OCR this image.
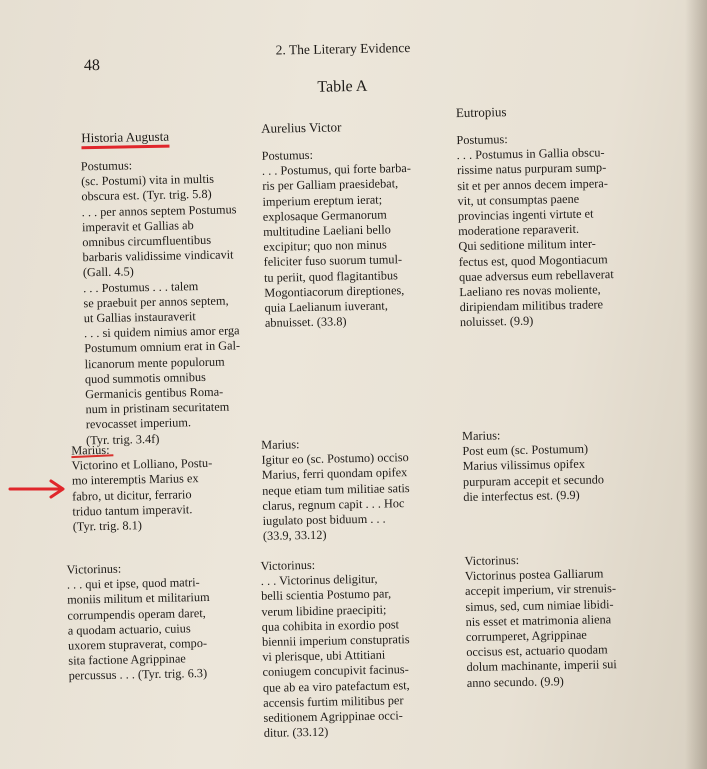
48
2. The Literary Evidence
Table A
Historia Augusta
Aurelius Victor
Eutropius
Postumus:
(sc. Postumi) vita in multis
obscura est. (Tyr. trig. 5.8)
. . . per annos septem Postumus
imperavit et Gallias ab
omnibus circumfluentibus
barbaris validissime vindicavit
(Gall. 4.5)
. . . Postumus . . . talem
se praebuit per annos septem,
ut Gallias instauraverit
. . . si quidem nimius amor erga
Postumum omnium erat in Gal-
licanorum mente populorum
quod summotis omnibus
Germanicis gentibus Roma-
num in pristinam securitatem
revocasset imperium.
(Tyr. trig. 3.4f)
Postumus:
. . . Postumus, qui forte barba-
ris per Galliam praesidebat,
imperium ereptum ierat;
explosaque Germanorum
multitudine Laeliani bello
excipitur; quo non minus
feliciter fuso suorum tumul-
tu periit, quod flagitantibus
Mogontiacorum direptiones,
quia Laelianum iuverant,
abnuisset. (33.8)
Postumus:
. . . Postumus in Gallia obscu-
rissime natus purpuram sump-
sit et per annos decem impera-
vit, ut consumptas paene
provincias ingenti virtute et
moderatione reparaverit.
Qui seditione militum inter-
fectus est, quod Mogontiacum
quae adversus eum rebellaverat
Laeliano res novas moliente,
diripiendam militibus tradere
noluisset. (9.9)
Marius:
Victorino et Lolliano, Postu-
mo interemptis Marius ex
fabro, ut dicitur, ferrario
triduo tantum imperavit.
(Tyr. trig. 8.1)
Marius:
Igitur eo (sc. Postumo) occiso
Marius, ferri quondam opifex
neque etiam tum militiae satis
clarus, regnum capit . . . Hoc
iugulato post biduum . . .
(33.9, 33.12)
Marius:
Post eum (sc. Postumum)
Marius vilissimus opifex
purpuram accepit et secundo
die interfectus est. (9.9)
Victorinus:
. . . qui et ipse, quod matri-
moniis militum et militarium
corrumpendis operam daret,
a quodam actuario, cuius
uxorem stupraverat, compo-
sita factione Agrippinae
percussus . . . (Tyr. trig. 6.3)
Victorinus:
. . . Victorinus deligitur,
belli scientia Postumo par,
verum libidine praecipiti;
qua cohibita in exordio post
biennii imperium constupratis
vi plerisque, ubi Attitiani
coniugem concupivit facinus-
que ab ea viro patefactum est,
accensis furtim militibus per
seditionem Agrippinae occi-
ditur. (33.12)
Victorinus:
Victorinus postea Galliarum
accepit imperium, vir strenuis-
simus, sed, cum nimiae libidi-
nis esset et matrimonia aliena
corrumperet, Agrippinae
occisus est, actuario quodam
dolum machinante, imperii sui
anno secundo. (9.9)
